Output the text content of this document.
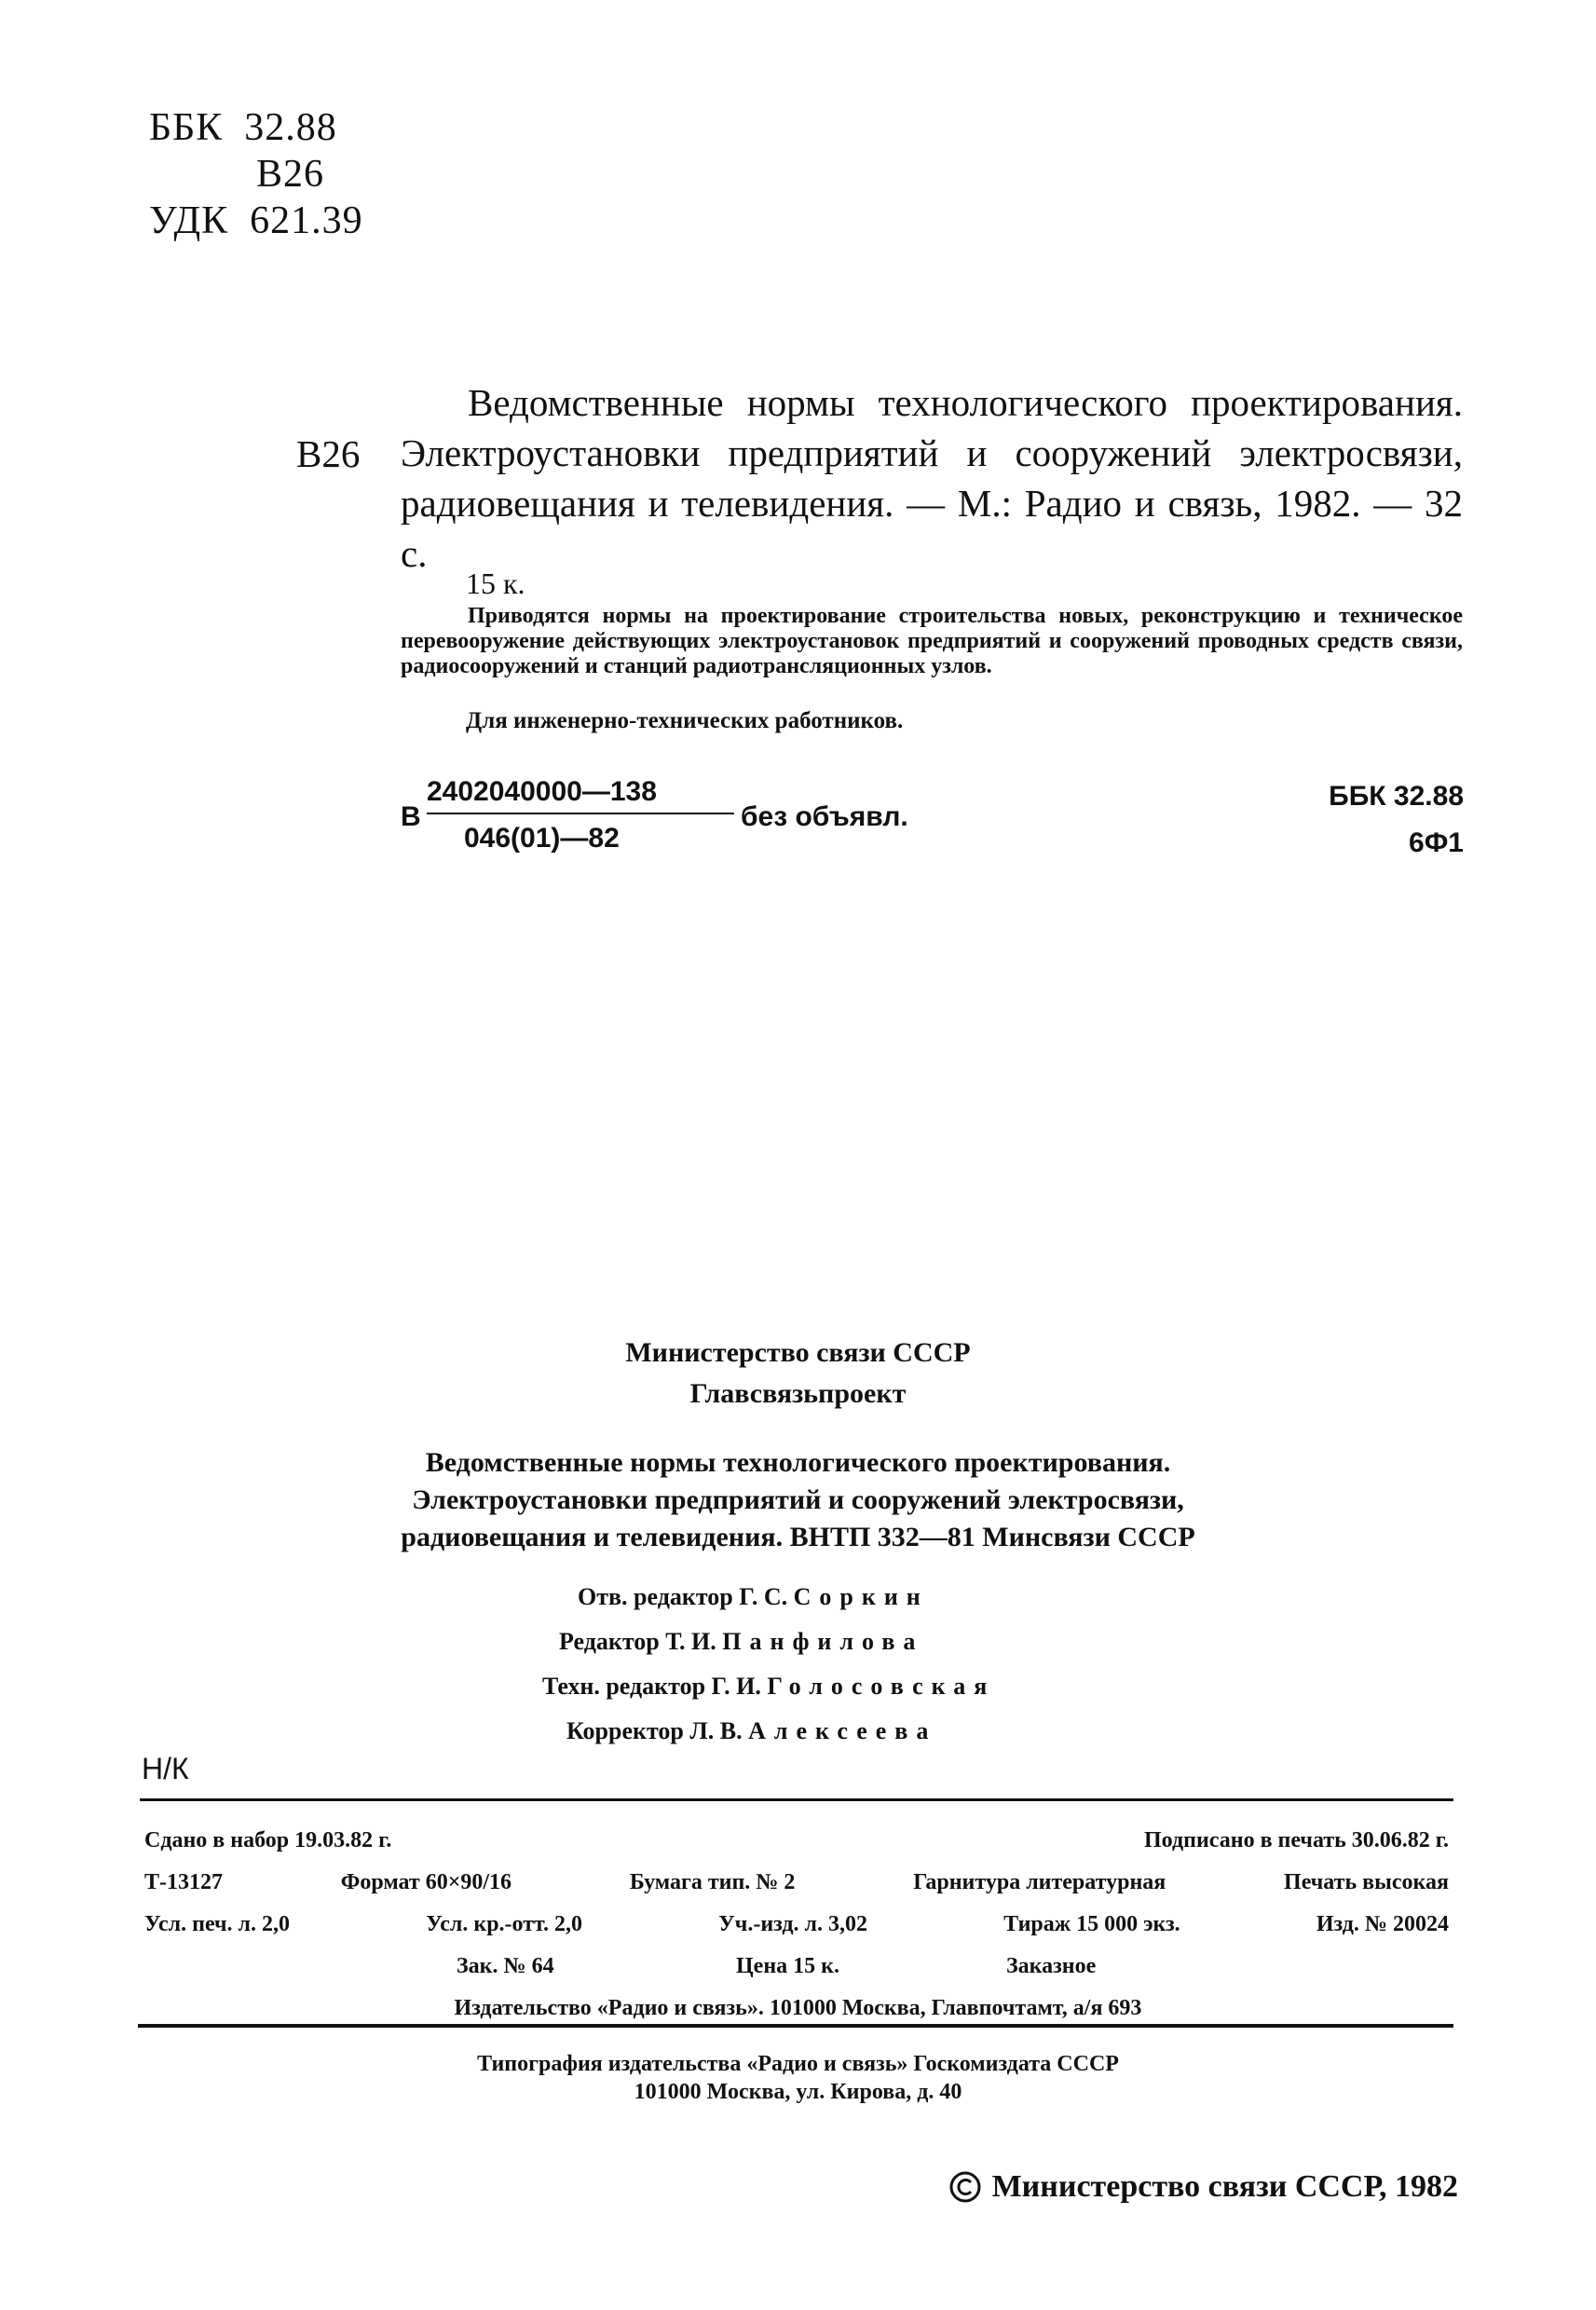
ББК 32.88
В26
УДК 621.39
В26
Ведомственные нормы технологического проектирования. Электроустановки предприятий и сооружений электросвязи, радиовещания и телевидения. — М.: Радио и связь, 1982. — 32 с.
15 к.
Приводятся нормы на проектирование строительства новых, реконструкцию и техническое перевооружение действующих электроустановок предприятий и сооружений проводных средств связи, радиосооружений и станций радиотрансляционных узлов.
Для инженерно-технических работников.
В
2402040000—138
046(01)—82
без объявл.
ББК 32.88
6Ф1
Министерство связи СССР
Главсвязьпроект
Ведомственные нормы технологического проектирования.
Электроустановки предприятий и сооружений электросвязи,
радиовещания и телевидения. ВНТП 332—81 Минсвязи СССР
Отв. редактор Г. С. Соркин
Редактор Т. И. Панфилова
Техн. редактор Г. И. Голосовская
Корректор Л. В. Алексеева
Н/К
Сдано в набор 19.03.82 г.	Подписано в печать 30.06.82 г.
Т-13127	Формат 60×90/16	Бумага тип. № 2	Гарнитура литературная	Печать высокая
Усл. печ. л. 2,0	Усл. кр.-отт. 2,0	Уч.-изд. л. 3,02	Тираж 15 000 экз.	Изд. № 20024
Зак. № 64	Цена 15 к.	Заказное
Издательство «Радио и связь». 101000 Москва, Главпочтамт, а/я 693
Типография издательства «Радио и связь» Госкомиздата СССР
101000 Москва, ул. Кирова, д. 40
Министерство связи СССР, 1982
